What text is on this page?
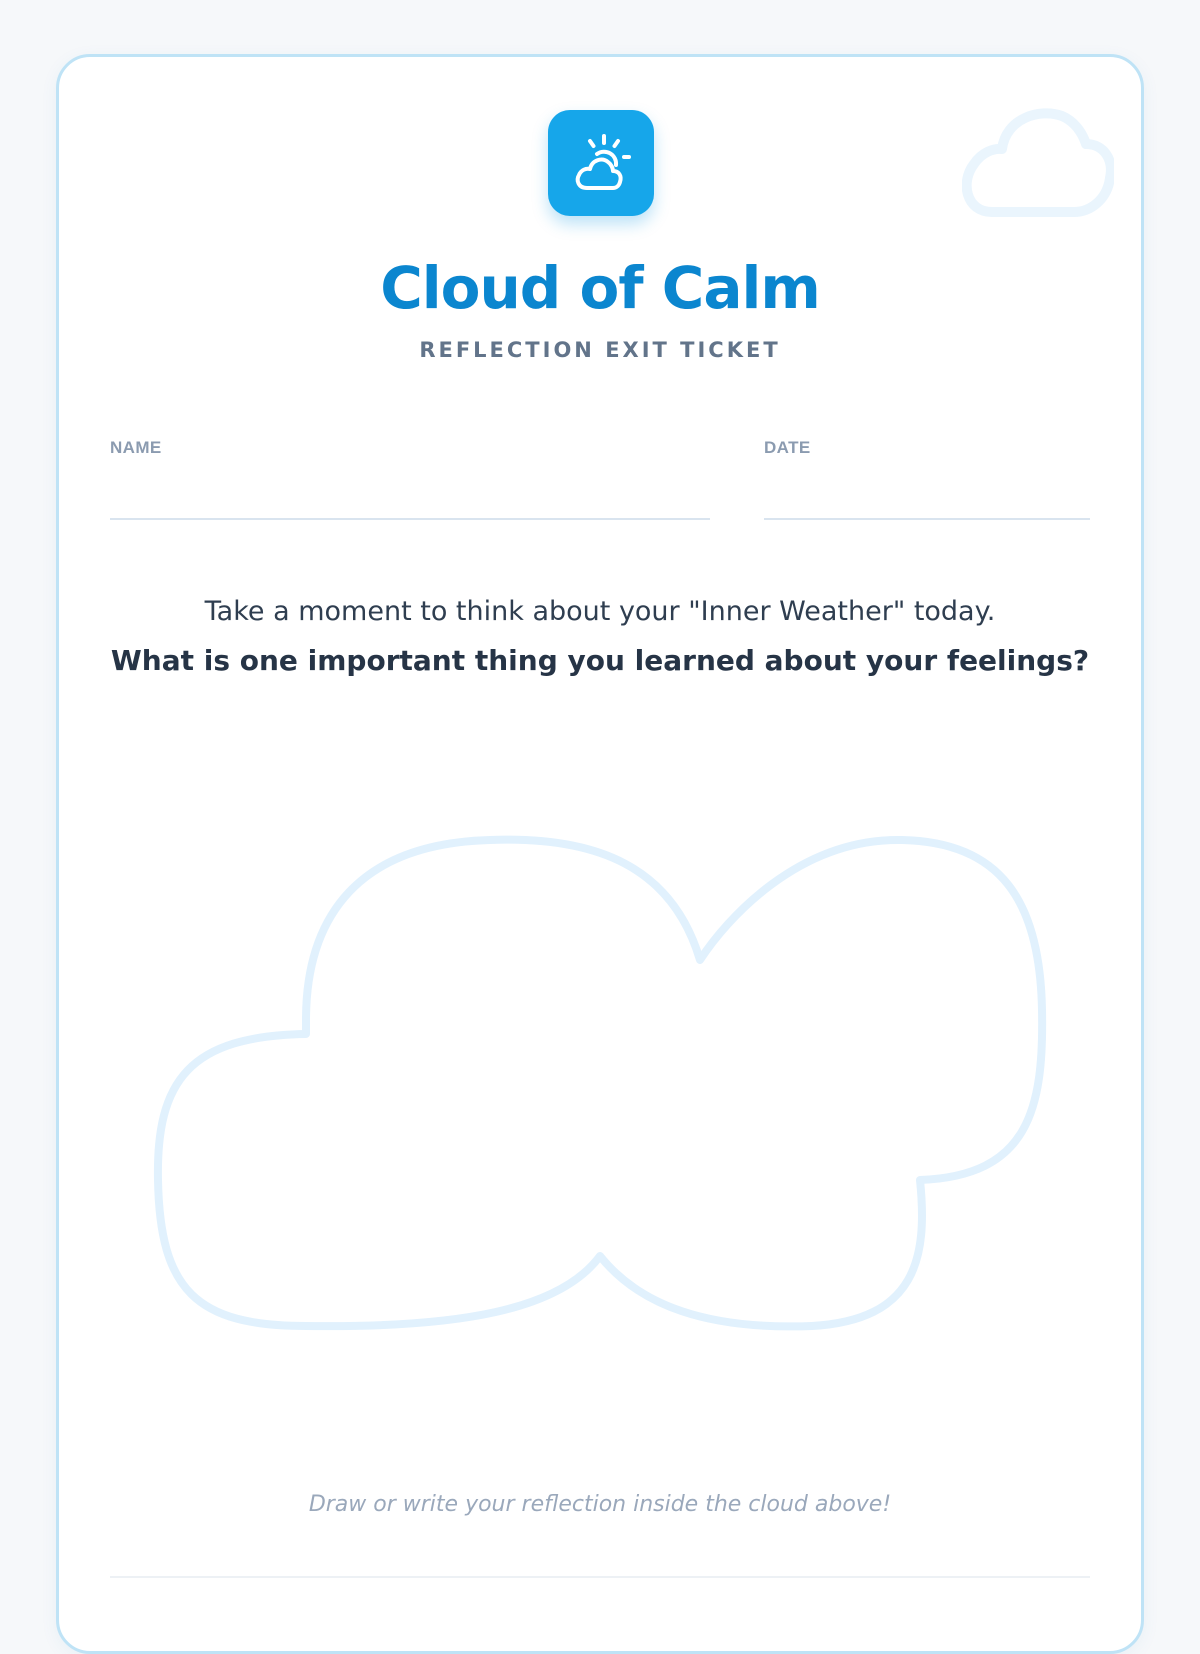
Cloud of Calm
REFLECTION EXIT TICKET
NAME	DATE
Take a moment to think about your "Inner Weather" today.
What is one important thing you learned about your feelings?
Draw or write your reflection inside the cloud above!
